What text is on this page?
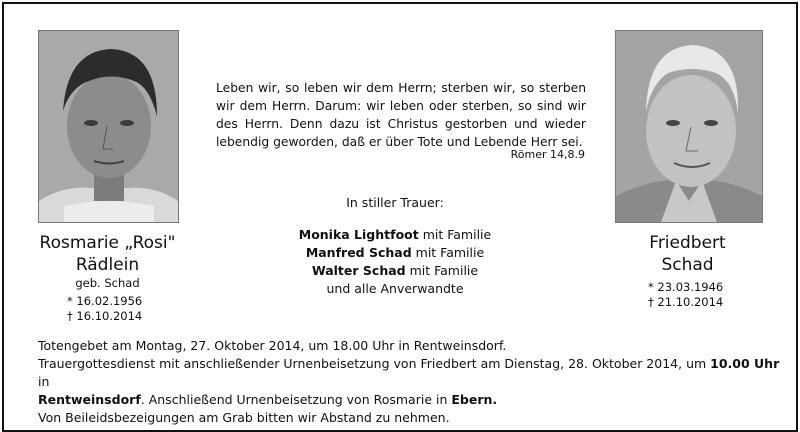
Rosmarie „Rosi"
Rädlein
geb. Schad
* 16.02.1956
† 16.10.2014
Friedbert
Schad
* 23.03.1946
† 21.10.2014
Leben wir, so leben wir dem Herrn; sterben wir, so sterben wir dem Herrn. Darum: wir leben oder sterben, so sind wir des Herrn. Denn dazu ist Christus gestorben und wieder lebendig geworden, daß er über Tote und Lebende Herr sei.
Römer 14,8.9
In stiller Trauer:
Monika Lightfoot mit Familie
Manfred Schad mit Familie
Walter Schad mit Familie
und alle Anverwandte
Totengebet am Montag, 27. Oktober 2014, um 18.00 Uhr in Rentweinsdorf.
Trauergottesdienst mit anschließender Urnenbeisetzung von Friedbert am Dienstag, 28. Oktober 2014, um 10.00 Uhr in
Rentweinsdorf. Anschließend Urnenbeisetzung von Rosmarie in Ebern.
Von Beileidsbezeigungen am Grab bitten wir Abstand zu nehmen.
